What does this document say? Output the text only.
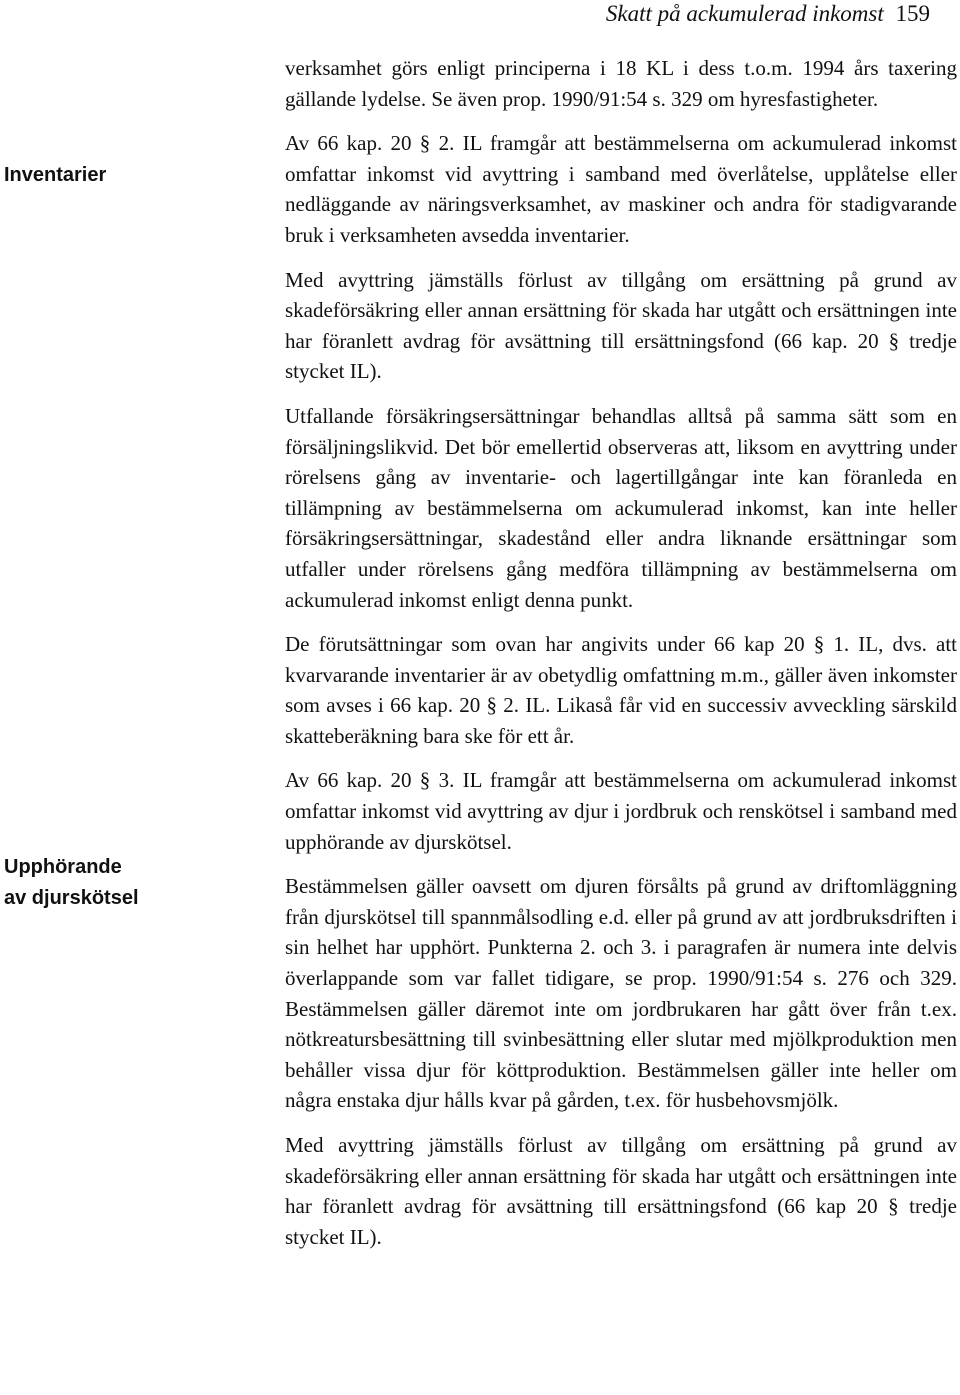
Skatt på ackumulerad inkomst 159
Inventarier
Upphörande
av djurskötsel

verksamhet görs enligt principerna i 18 KL i dess t.o.m. 1994 års taxering gällande lydelse. Se även prop. 1990/91:54 s. 329 om hyresfastigheter.

Av 66 kap. 20 § 2. IL framgår att bestämmelserna om ackumulerad inkomst omfattar inkomst vid avyttring i samband med överlåtelse, upplåtelse eller nedläggande av näringsverksamhet, av maskiner och andra för stadigvarande bruk i verksamheten avsedda inventarier.

Med avyttring jämställs förlust av tillgång om ersättning på grund av skadeförsäkring eller annan ersättning för skada har utgått och ersättningen inte har föranlett avdrag för avsättning till ersättningsfond (66 kap. 20 § tredje stycket IL).

Utfallande försäkringsersättningar behandlas alltså på samma sätt som en försäljningslikvid. Det bör emellertid observeras att, liksom en avyttring under rörelsens gång av inventarie- och lagertillgångar inte kan föranleda en tillämpning av bestämmelserna om ackumulerad inkomst, kan inte heller försäkringsersättningar, skadestånd eller andra liknande ersättningar som utfaller under rörelsens gång medföra tillämpning av bestämmelserna om ackumulerad inkomst enligt denna punkt.

De förutsättningar som ovan har angivits under 66 kap 20 § 1. IL, dvs. att kvarvarande inventarier är av obetydlig omfattning m.m., gäller även inkomster som avses i 66 kap. 20 § 2. IL. Likaså får vid en successiv avveckling särskild skatteberäkning bara ske för ett år.

Av 66 kap. 20 § 3. IL framgår att bestämmelserna om ackumulerad inkomst omfattar inkomst vid avyttring av djur i jordbruk och renskötsel i samband med upphörande av djurskötsel.

Bestämmelsen gäller oavsett om djuren försålts på grund av driftomläggning från djurskötsel till spannmålsodling e.d. eller på grund av att jordbruksdriften i sin helhet har upphört. Punkterna 2. och 3. i paragrafen är numera inte delvis överlappande som var fallet tidigare, se prop. 1990/91:54 s. 276 och 329. Bestämmelsen gäller däremot inte om jordbrukaren har gått över från t.ex. nötkreatursbesättning till svinbesättning eller slutar med mjölkproduktion men behåller vissa djur för köttproduktion. Bestämmelsen gäller inte heller om några enstaka djur hålls kvar på gården, t.ex. för husbehovsmjölk.

Med avyttring jämställs förlust av tillgång om ersättning på grund av skadeförsäkring eller annan ersättning för skada har utgått och ersättningen inte har föranlett avdrag för avsättning till ersättningsfond (66 kap 20 § tredje stycket IL).
